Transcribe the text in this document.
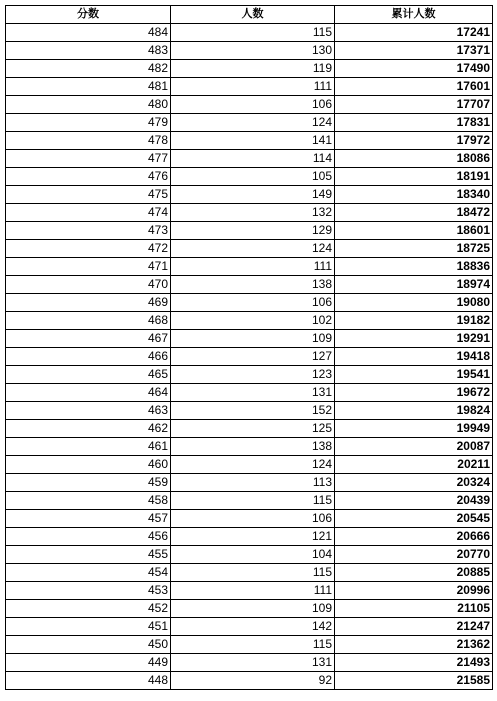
分数	人数	累计人数
484	115	17241
483	130	17371
482	119	17490
481	111	17601
480	106	17707
479	124	17831
478	141	17972
477	114	18086
476	105	18191
475	149	18340
474	132	18472
473	129	18601
472	124	18725
471	111	18836
470	138	18974
469	106	19080
468	102	19182
467	109	19291
466	127	19418
465	123	19541
464	131	19672
463	152	19824
462	125	19949
461	138	20087
460	124	20211
459	113	20324
458	115	20439
457	106	20545
456	121	20666
455	104	20770
454	115	20885
453	111	20996
452	109	21105
451	142	21247
450	115	21362
449	131	21493
448	92	21585
